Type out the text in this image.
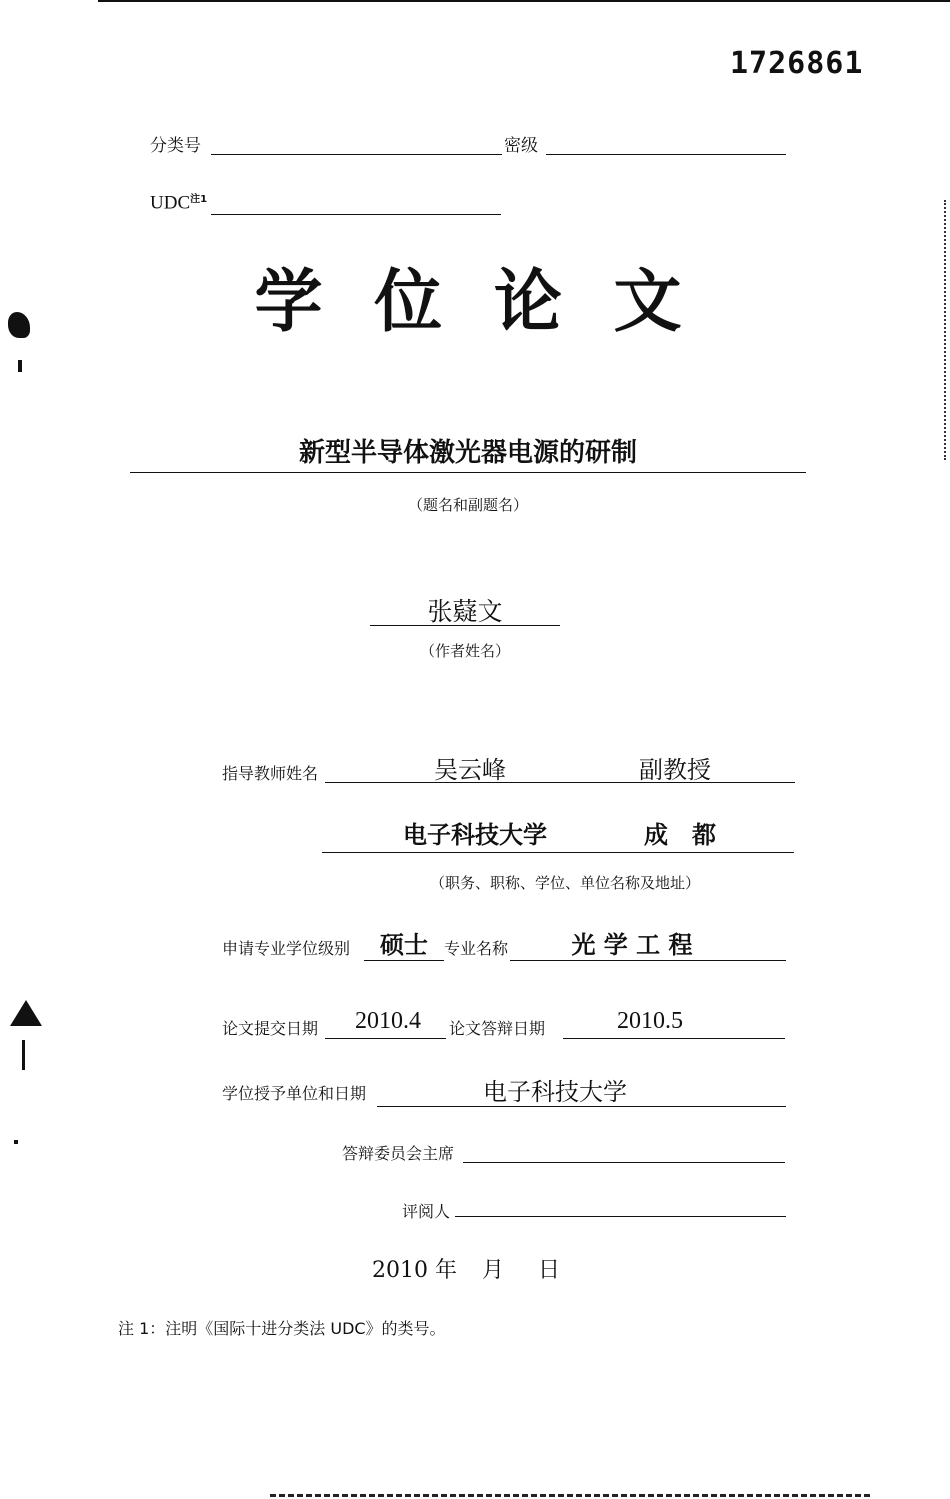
1726861
分类号	密级
UDC$^{注1}$
学 位 论 文
新型半导体激光器电源的研制
（题名和副题名）
张薿文
（作者姓名）
指导教师姓名	吴云峰	副教授
电子科技大学	成　都
（职务、职称、学位、单位名称及地址）
申请专业学位级别	硕士	专业名称	光 学 工 程
论文提交日期	2010.4	论文答辩日期	2010.5
学位授予单位和日期	电子科技大学
答辩委员会主席
评阅人
2010 年 月 日
注 1：注明《国际十进分类法 UDC》的类号。
